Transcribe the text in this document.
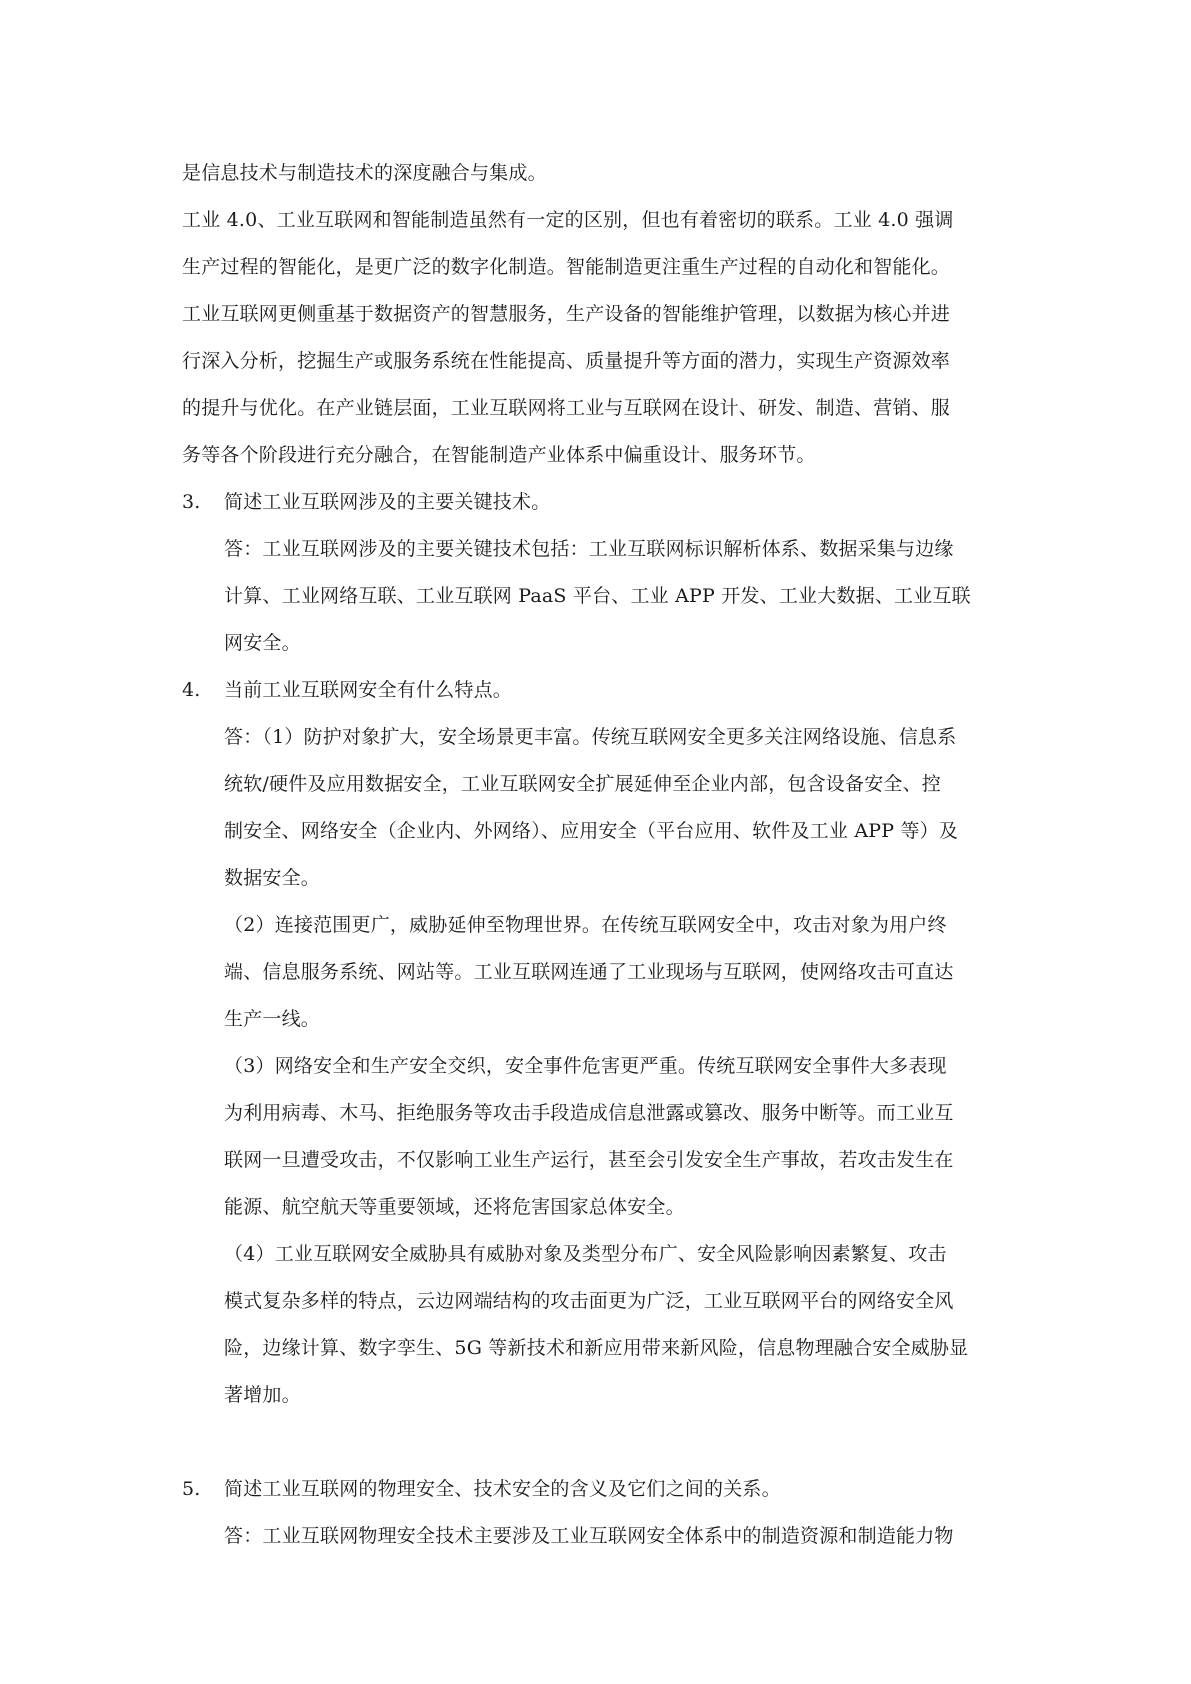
是信息技术与制造技术的深度融合与集成。
工业 4.0、工业互联网和智能制造虽然有一定的区别，但也有着密切的联系。工业 4.0 强调
生产过程的智能化，是更广泛的数字化制造。智能制造更注重生产过程的自动化和智能化。
工业互联网更侧重基于数据资产的智慧服务，生产设备的智能维护管理，以数据为核心并进
行深入分析，挖掘生产或服务系统在性能提高、质量提升等方面的潜力，实现生产资源效率
的提升与优化。在产业链层面，工业互联网将工业与互联网在设计、研发、制造、营销、服
务等各个阶段进行充分融合，在智能制造产业体系中偏重设计、服务环节。
3. 简述工业互联网涉及的主要关键技术。
答：工业互联网涉及的主要关键技术包括：工业互联网标识解析体系、数据采集与边缘
计算、工业网络互联、工业互联网 PaaS 平台、工业 APP 开发、工业大数据、工业互联
网安全。
4. 当前工业互联网安全有什么特点。
答：（1）防护对象扩大，安全场景更丰富。传统互联网安全更多关注网络设施、信息系
统软/硬件及应用数据安全，工业互联网安全扩展延伸至企业内部，包含设备安全、控
制安全、网络安全（企业内、外网络）、应用安全（平台应用、软件及工业 APP 等）及
数据安全。
（2）连接范围更广，威胁延伸至物理世界。在传统互联网安全中，攻击对象为用户终
端、信息服务系统、网站等。工业互联网连通了工业现场与互联网，使网络攻击可直达
生产一线。
（3）网络安全和生产安全交织，安全事件危害更严重。传统互联网安全事件大多表现
为利用病毒、木马、拒绝服务等攻击手段造成信息泄露或篡改、服务中断等。而工业互
联网一旦遭受攻击，不仅影响工业生产运行，甚至会引发安全生产事故，若攻击发生在
能源、航空航天等重要领域，还将危害国家总体安全。
（4）工业互联网安全威胁具有威胁对象及类型分布广、安全风险影响因素繁复、攻击
模式复杂多样的特点，云边网端结构的攻击面更为广泛，工业互联网平台的网络安全风
险，边缘计算、数字孪生、5G 等新技术和新应用带来新风险，信息物理融合安全威胁显
著增加。
5. 简述工业互联网的物理安全、技术安全的含义及它们之间的关系。
答：工业互联网物理安全技术主要涉及工业互联网安全体系中的制造资源和制造能力物
